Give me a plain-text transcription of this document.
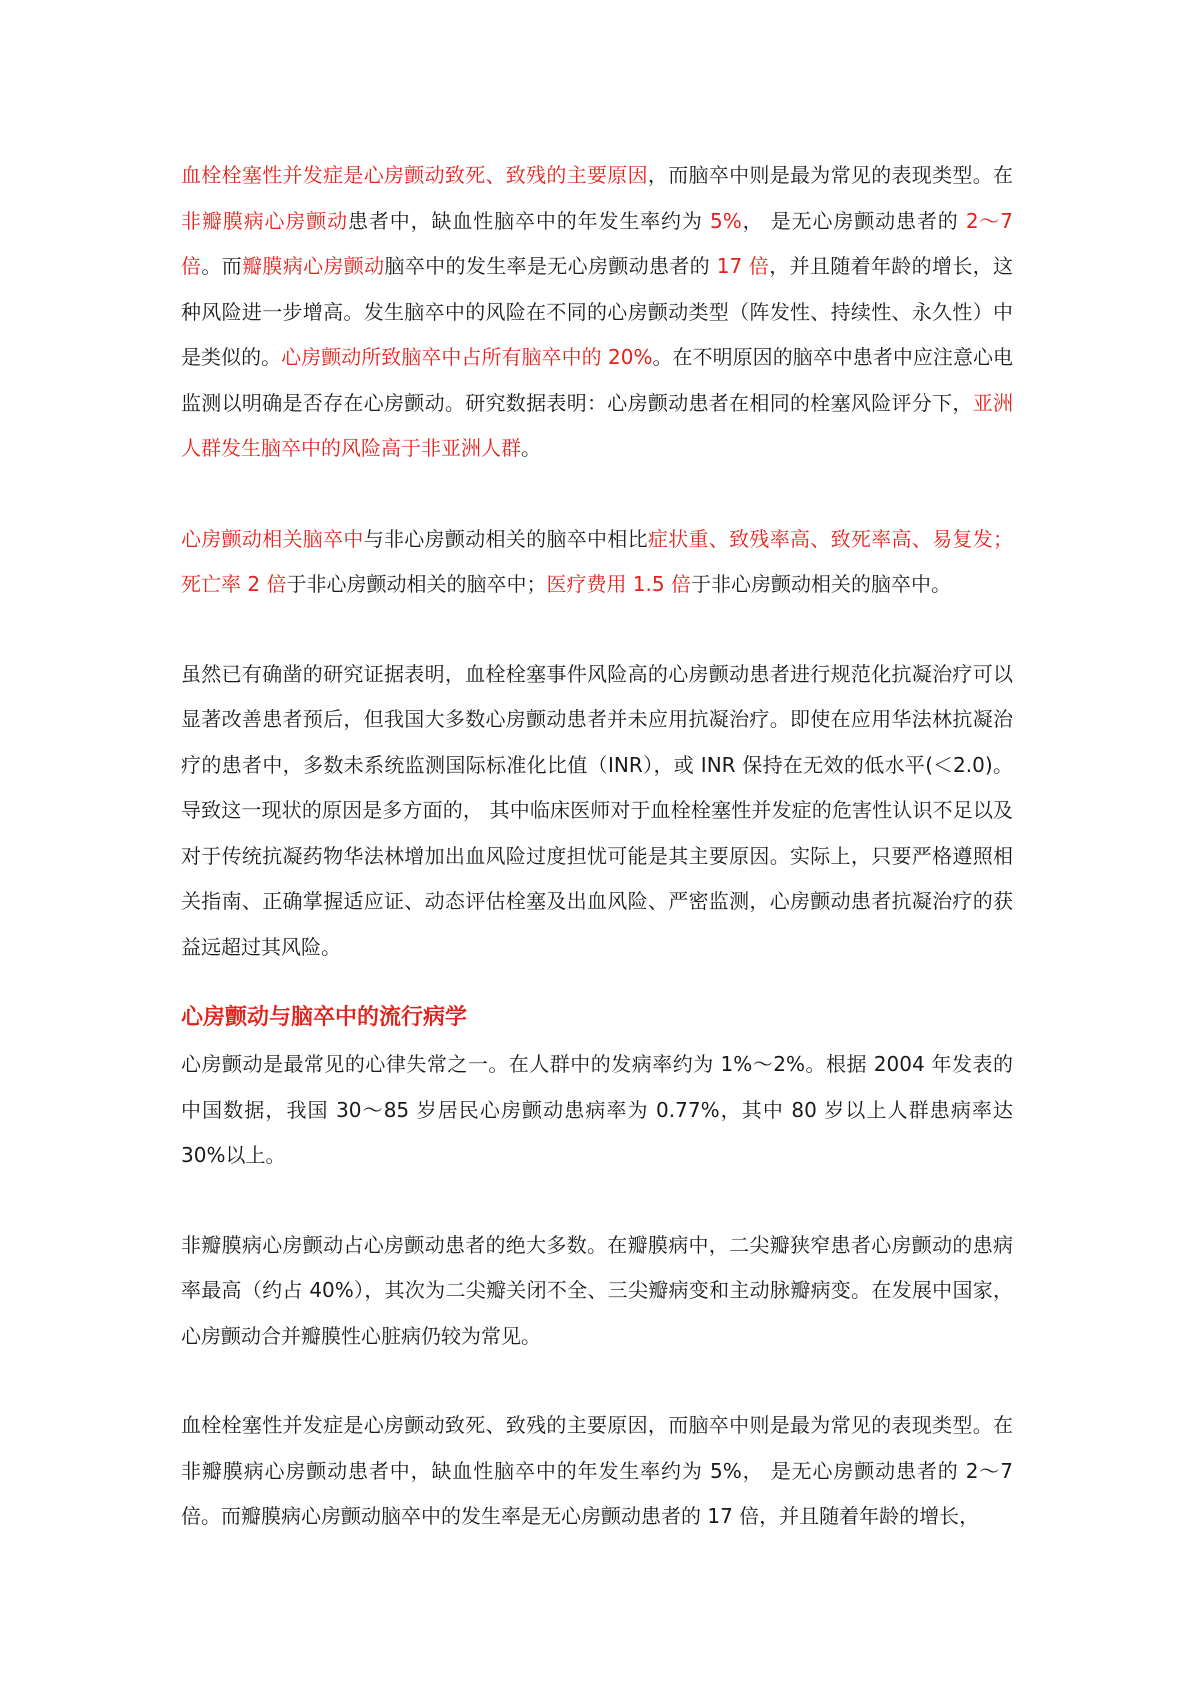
血栓栓塞性并发症是心房颤动致死、致残的主要原因，而脑卒中则是最为常见的表现类型。在非瓣膜病心房颤动患者中，缺血性脑卒中的年发生率约为 5%， 是无心房颤动患者的 2～7 倍。而瓣膜病心房颤动脑卒中的发生率是无心房颤动患者的 17 倍，并且随着年龄的增长，这种风险进一步增高。发生脑卒中的风险在不同的心房颤动类型（阵发性、持续性、永久性）中是类似的。心房颤动所致脑卒中占所有脑卒中的 20%。在不明原因的脑卒中患者中应注意心电监测以明确是否存在心房颤动。研究数据表明：心房颤动患者在相同的栓塞风险评分下，亚洲人群发生脑卒中的风险高于非亚洲人群。

心房颤动相关脑卒中与非心房颤动相关的脑卒中相比症状重、致残率高、致死率高、易复发；死亡率 2 倍于非心房颤动相关的脑卒中；医疗费用 1.5 倍于非心房颤动相关的脑卒中。

虽然已有确凿的研究证据表明，血栓栓塞事件风险高的心房颤动患者进行规范化抗凝治疗可以显著改善患者预后，但我国大多数心房颤动患者并未应用抗凝治疗。即使在应用华法林抗凝治疗的患者中，多数未系统监测国际标准化比值（INR），或 INR 保持在无效的低水平(＜2.0)。导致这一现状的原因是多方面的， 其中临床医师对于血栓栓塞性并发症的危害性认识不足以及对于传统抗凝药物华法林增加出血风险过度担忧可能是其主要原因。实际上，只要严格遵照相关指南、正确掌握适应证、动态评估栓塞及出血风险、严密监测，心房颤动患者抗凝治疗的获益远超过其风险。

心房颤动与脑卒中的流行病学

心房颤动是最常见的心律失常之一。在人群中的发病率约为 1%～2%。根据 2004 年发表的中国数据，我国 30～85 岁居民心房颤动患病率为 0.77%，其中 80 岁以上人群患病率达 30%以上。

非瓣膜病心房颤动占心房颤动患者的绝大多数。在瓣膜病中，二尖瓣狭窄患者心房颤动的患病率最高（约占 40%），其次为二尖瓣关闭不全、三尖瓣病变和主动脉瓣病变。在发展中国家，心房颤动合并瓣膜性心脏病仍较为常见。

血栓栓塞性并发症是心房颤动致死、致残的主要原因，而脑卒中则是最为常见的表现类型。在非瓣膜病心房颤动患者中，缺血性脑卒中的年发生率约为 5%， 是无心房颤动患者的 2～7 倍。而瓣膜病心房颤动脑卒中的发生率是无心房颤动患者的 17 倍，并且随着年龄的增长，
